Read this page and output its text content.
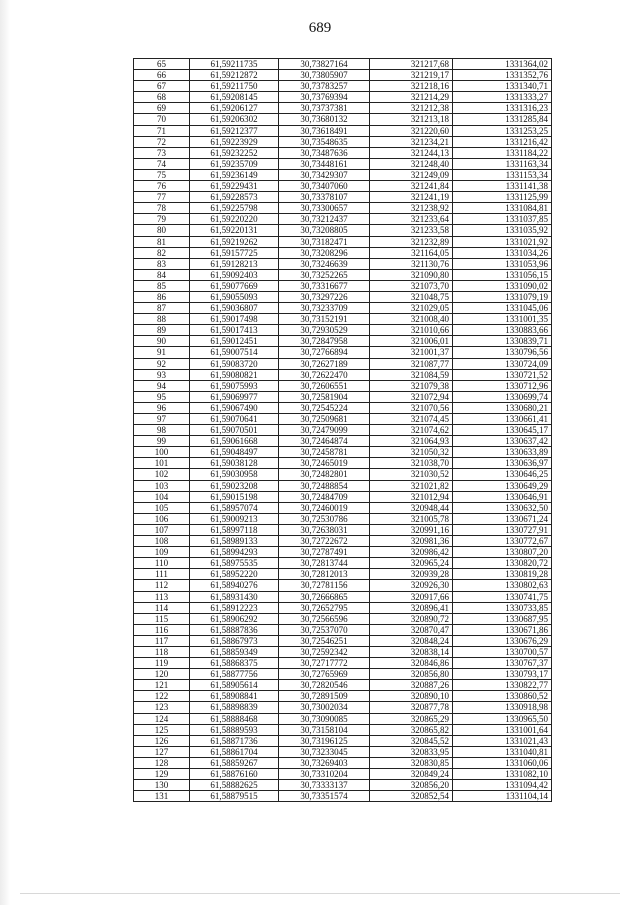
689
65	61,59211735	30,73827164	321217,68	1331364,02
66	61,59212872	30,73805907	321219,17	1331352,76
67	61,59211750	30,73783257	321218,16	1331340,71
68	61,59208145	30,73769394	321214,29	1331333,27
69	61,59206127	30,73737381	321212,38	1331316,23
70	61,59206302	30,73680132	321213,18	1331285,84
71	61,59212377	30,73618491	321220,60	1331253,25
72	61,59223929	30,73548635	321234,21	1331216,42
73	61,59232252	30,73487636	321244,13	1331184,22
74	61,59235709	30,73448161	321248,40	1331163,34
75	61,59236149	30,73429307	321249,09	1331153,34
76	61,59229431	30,73407060	321241,84	1331141,38
77	61,59228573	30,73378107	321241,19	1331125,99
78	61,59225798	30,73300657	321238,92	1331084,81
79	61,59220220	30,73212437	321233,64	1331037,85
80	61,59220131	30,73208805	321233,58	1331035,92
81	61,59219262	30,73182471	321232,89	1331021,92
82	61,59157725	30,73208296	321164,05	1331034,26
83	61,59128213	30,73246639	321130,76	1331053,96
84	61,59092403	30,73252265	321090,80	1331056,15
85	61,59077669	30,73316677	321073,70	1331090,02
86	61,59055093	30,73297226	321048,75	1331079,19
87	61,59036807	30,73233709	321029,05	1331045,06
88	61,59017498	30,73152191	321008,40	1331001,35
89	61,59017413	30,72930529	321010,66	1330883,66
90	61,59012451	30,72847958	321006,01	1330839,71
91	61,59007514	30,72766894	321001,37	1330796,56
92	61,59083720	30,72627189	321087,77	1330724,09
93	61,59080821	30,72622470	321084,59	1330721,52
94	61,59075993	30,72606551	321079,38	1330712,96
95	61,59069977	30,72581904	321072,94	1330699,74
96	61,59067490	30,72545224	321070,56	1330680,21
97	61,59070641	30,72509681	321074,45	1330661,41
98	61,59070501	30,72479099	321074,62	1330645,17
99	61,59061668	30,72464874	321064,93	1330637,42
100	61,59048497	30,72458781	321050,32	1330633,89
101	61,59038128	30,72465019	321038,70	1330636,97
102	61,59030958	30,72482801	321030,52	1330646,25
103	61,59023208	30,72488854	321021,82	1330649,29
104	61,59015198	30,72484709	321012,94	1330646,91
105	61,58957074	30,72460019	320948,44	1330632,50
106	61,59009213	30,72530786	321005,78	1330671,24
107	61,58997118	30,72638031	320991,16	1330727,91
108	61,58989133	30,72722672	320981,36	1330772,67
109	61,58994293	30,72787491	320986,42	1330807,20
110	61,58975535	30,72813744	320965,24	1330820,72
111	61,58952220	30,72812013	320939,28	1330819,28
112	61,58940276	30,72781156	320926,30	1330802,63
113	61,58931430	30,72666865	320917,66	1330741,75
114	61,58912223	30,72652795	320896,41	1330733,85
115	61,58906292	30,72566596	320890,72	1330687,95
116	61,58887836	30,72537070	320870,47	1330671,86
117	61,58867973	30,72546251	320848,24	1330676,29
118	61,58859349	30,72592342	320838,14	1330700,57
119	61,58868375	30,72717772	320846,86	1330767,37
120	61,58877756	30,72765969	320856,80	1330793,17
121	61,58905614	30,72820546	320887,26	1330822,77
122	61,58908841	30,72891509	320890,10	1330860,52
123	61,58898839	30,73002034	320877,78	1330918,98
124	61,58888468	30,73090085	320865,29	1330965,50
125	61,58889593	30,73158104	320865,82	1331001,64
126	61,58871736	30,73196125	320845,52	1331021,43
127	61,58861704	30,73233045	320833,95	1331040,81
128	61,58859267	30,73269403	320830,85	1331060,06
129	61,58876160	30,73310204	320849,24	1331082,10
130	61,58882625	30,73333137	320856,20	1331094,42
131	61,58879515	30,73351574	320852,54	1331104,14
